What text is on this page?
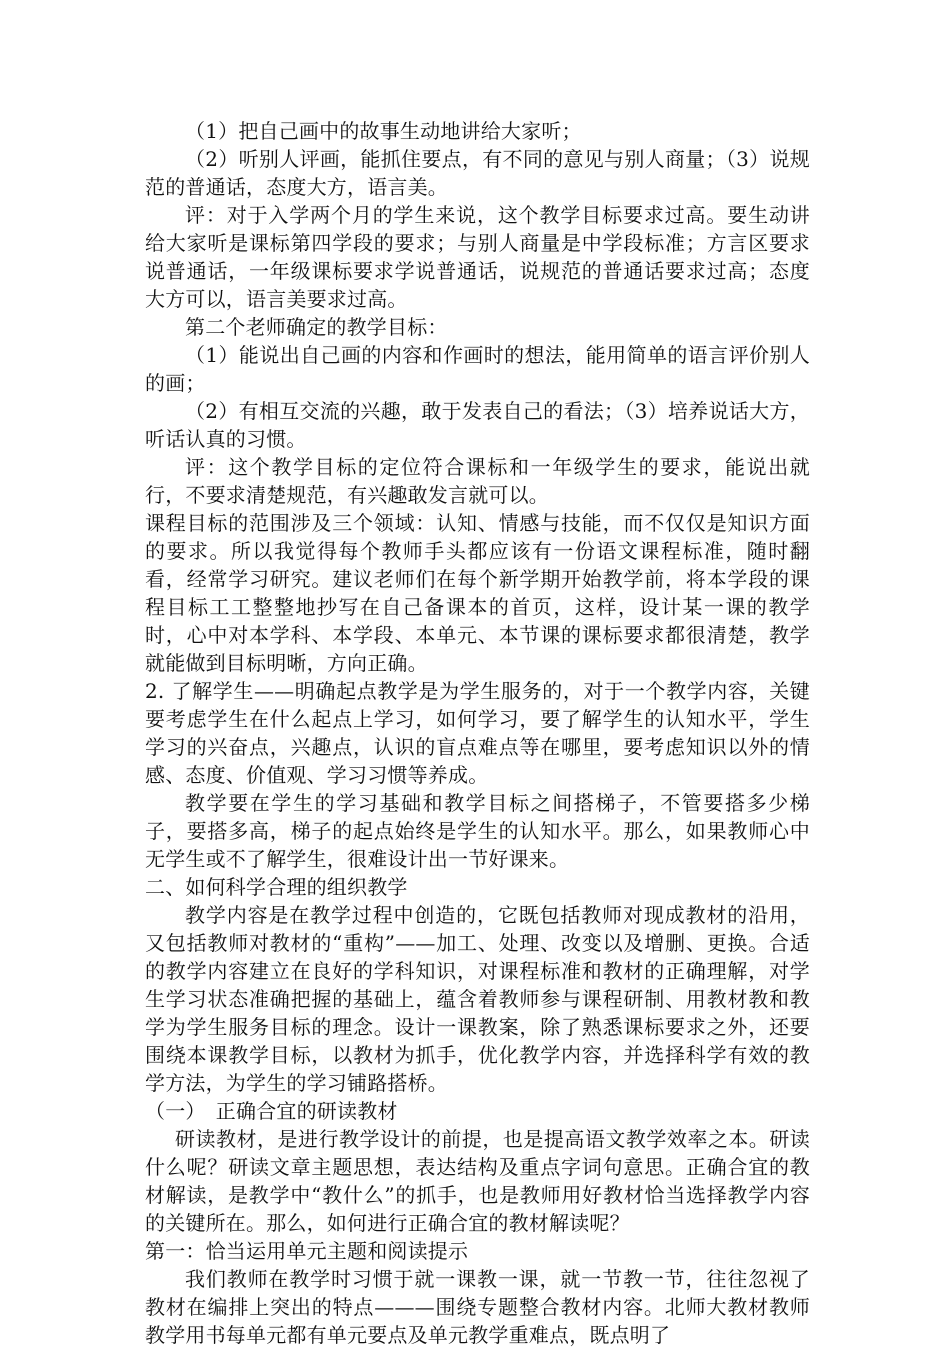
（1）把自己画中的故事生动地讲给大家听；

（2）听别人评画，能抓住要点，有不同的意见与别人商量；（3）说规范的普通话，态度大方，语言美。

评：对于入学两个月的学生来说，这个教学目标要求过高。要生动讲给大家听是课标第四学段的要求；与别人商量是中学段标准；方言区要求说普通话，一年级课标要求学说普通话，说规范的普通话要求过高；态度大方可以，语言美要求过高。

第二个老师确定的教学目标：

（1）能说出自己画的内容和作画时的想法，能用简单的语言评价别人的画；

（2）有相互交流的兴趣，敢于发表自己的看法；（3）培养说话大方，听话认真的习惯。

评：这个教学目标的定位符合课标和一年级学生的要求，能说出就行，不要求清楚规范，有兴趣敢发言就可以。

课程目标的范围涉及三个领域：认知、情感与技能，而不仅仅是知识方面的要求。所以我觉得每个教师手头都应该有一份语文课程标准，随时翻看，经常学习研究。建议老师们在每个新学期开始教学前，将本学段的课程目标工工整整地抄写在自己备课本的首页，这样，设计某一课的教学时，心中对本学科、本学段、本单元、本节课的课标要求都很清楚，教学就能做到目标明晰，方向正确。

2. 了解学生——明确起点教学是为学生服务的，对于一个教学内容，关键要考虑学生在什么起点上学习，如何学习，要了解学生的认知水平，学生学习的兴奋点，兴趣点，认识的盲点难点等在哪里，要考虑知识以外的情感、态度、价值观、学习习惯等养成。

教学要在学生的学习基础和教学目标之间搭梯子，不管要搭多少梯子，要搭多高，梯子的起点始终是学生的认知水平。那么，如果教师心中无学生或不了解学生，很难设计出一节好课来。

二、如何科学合理的组织教学

教学内容是在教学过程中创造的，它既包括教师对现成教材的沿用，又包括教师对教材的“重构”——加工、处理、改变以及增删、更换。合适的教学内容建立在良好的学科知识，对课程标准和教材的正确理解，对学生学习状态准确把握的基础上，蕴含着教师参与课程研制、用教材教和教学为学生服务目标的理念。设计一课教案，除了熟悉课标要求之外，还要围绕本课教学目标，以教材为抓手，优化教学内容，并选择科学有效的教学方法，为学生的学习铺路搭桥。

（一）　正确合宜的研读教材

研读教材，是进行教学设计的前提，也是提高语文教学效率之本。研读什么呢？研读文章主题思想，表达结构及重点字词句意思。正确合宜的教材解读，是教学中“教什么”的抓手，也是教师用好教材恰当选择教学内容的关键所在。那么，如何进行正确合宜的教材解读呢？

第一：恰当运用单元主题和阅读提示

我们教师在教学时习惯于就一课教一课，就一节教一节，往往忽视了教材在编排上突出的特点———围绕专题整合教材内容。北师大教材教师教学用书每单元都有单元要点及单元教学重难点，既点明了
